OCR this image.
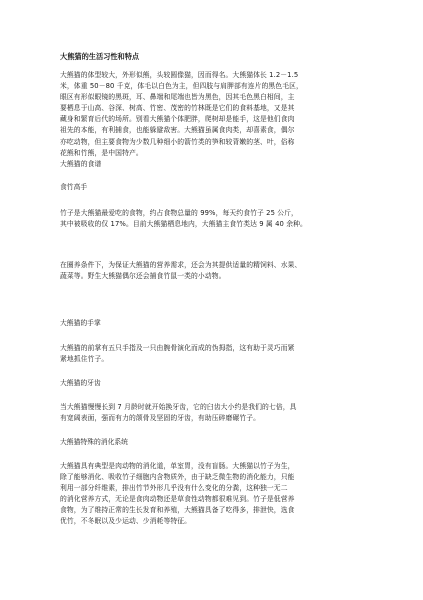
大熊猫的生活习性和特点
大熊猫的体型较大，外形似熊，头较圆像猫，因而得名。大熊猫体长 1.2－1.5
米，体重 50－80 千克，体毛以白色为主，但四肢与肩胛部有连片的黑色毛区，
眼区有形似眼镜的黑斑，耳、鼻端和尾端也皆为黑色，因其毛色黑白相间，主
要栖息于山高、谷深、树高、竹密、茂密的竹林既是它们的食料基地，又是其
藏身和繁育后代的场所。别看大熊猫个体肥胖，爬树却是能手，这是他们食肉
祖先的本能，有利捕食，也能躲避敌害。大熊猫虽属食肉类，却喜素食，偶尔
亦吃动物，但主要食物为少数几种细小的箭竹类的笋和较背嫩的茎、叶，俗称
花熊和竹熊，是中国特产。
大熊猫的食谱
食竹高手
竹子是大熊猫最爱吃的食物，约占食物总量的 99%，每天约食竹子 25 公斤，
其中被吸收的仅 17%。目前大熊猫栖息地内，大熊猫主食竹类达 9 属 40 余种。
在圈养条件下，为保证大熊猫的营养需求，还会为其提供适量的精饲料、水果、
蔬菜等。野生大熊猫偶尔还会捕食竹鼠一类的小动物。
大熊猫的手掌
大熊猫的前掌有五只手指及一只由腕骨演化而成的伪拇指，这有助于灵巧而紧
紧地抓住竹子。
大熊猫的牙齿
当大熊猫慢慢长到 7 月龄时就开始换牙齿，它的臼齿大小约是我们的七倍，具
有宽阔表面，强而有力的颌骨及坚固的牙齿，有助压碎磨碾竹子。
大熊猫特殊的消化系统
大熊猫具有典型是肉动物的消化道，单室胃，没有盲肠。大熊猫以竹子为生，
除了能够消化、吸收竹子细胞内含物质外，由于缺乏微生物的消化能力，只能
利用一部分纤维素，排出竹节外形几乎没有什么变化的分粪，这种独一无二
的消化营养方式，无论是食肉动物还是草食性动物都很难见到。竹子是低营养
食物，为了维持正常的生长发育和养殖，大熊猫具备了吃得多，排泄快，选食
优竹，不冬眠以及少运动、少消耗等特征。
